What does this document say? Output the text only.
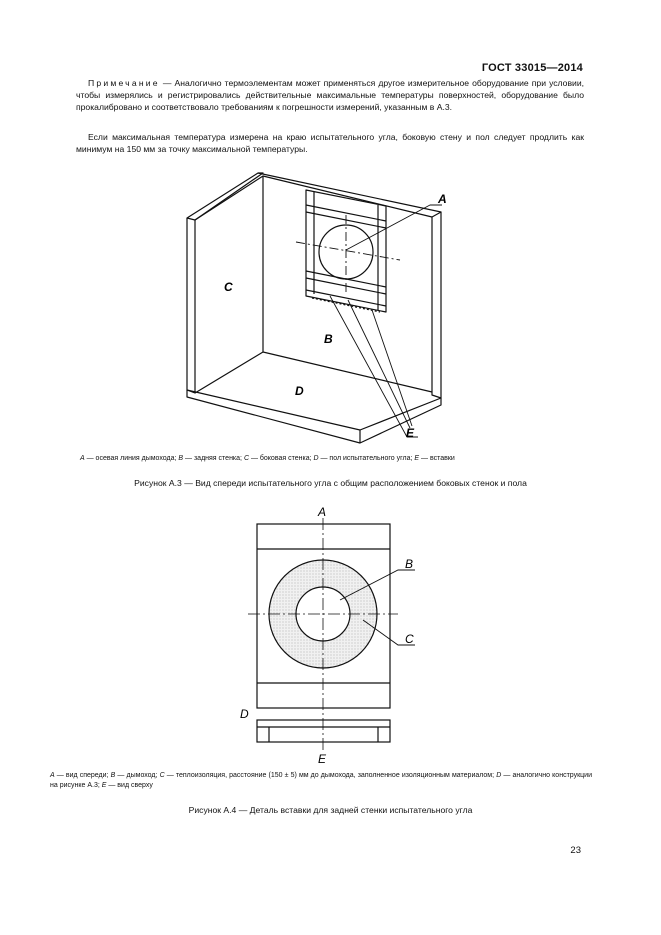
ГОСТ 33015—2014

Примечание — Аналогично термоэлементам может применяться другое измерительное оборудование при условии, чтобы измерялись и регистрировались действительные максимальные температуры поверхностей, оборудование было прокалибровано и соответствовало требованиям к погрешности измерений, указанным в А.3.

Если максимальная температура измерена на краю испытательного угла, боковую стену и пол следует продлить как минимум на 150 мм за точку максимальной температуры.

A
C
B
D
E

A — осевая линия дымохода; B — задняя стенка; C — боковая стенка; D — пол испытательного угла; E — вставки

Рисунок А.3 — Вид спереди испытательного угла с общим расположением боковых стенок и пола
A
B
C
D
E

A — вид спереди; B — дымоход; C — теплоизоляция, расстояние (150 ± 5) мм до дымохода, заполненное изоляционным материалом; D — аналогично конструкции на рисунке А.3; E — вид сверху

Рисунок А.4 — Деталь вставки для задней стенки испытательного угла
23
